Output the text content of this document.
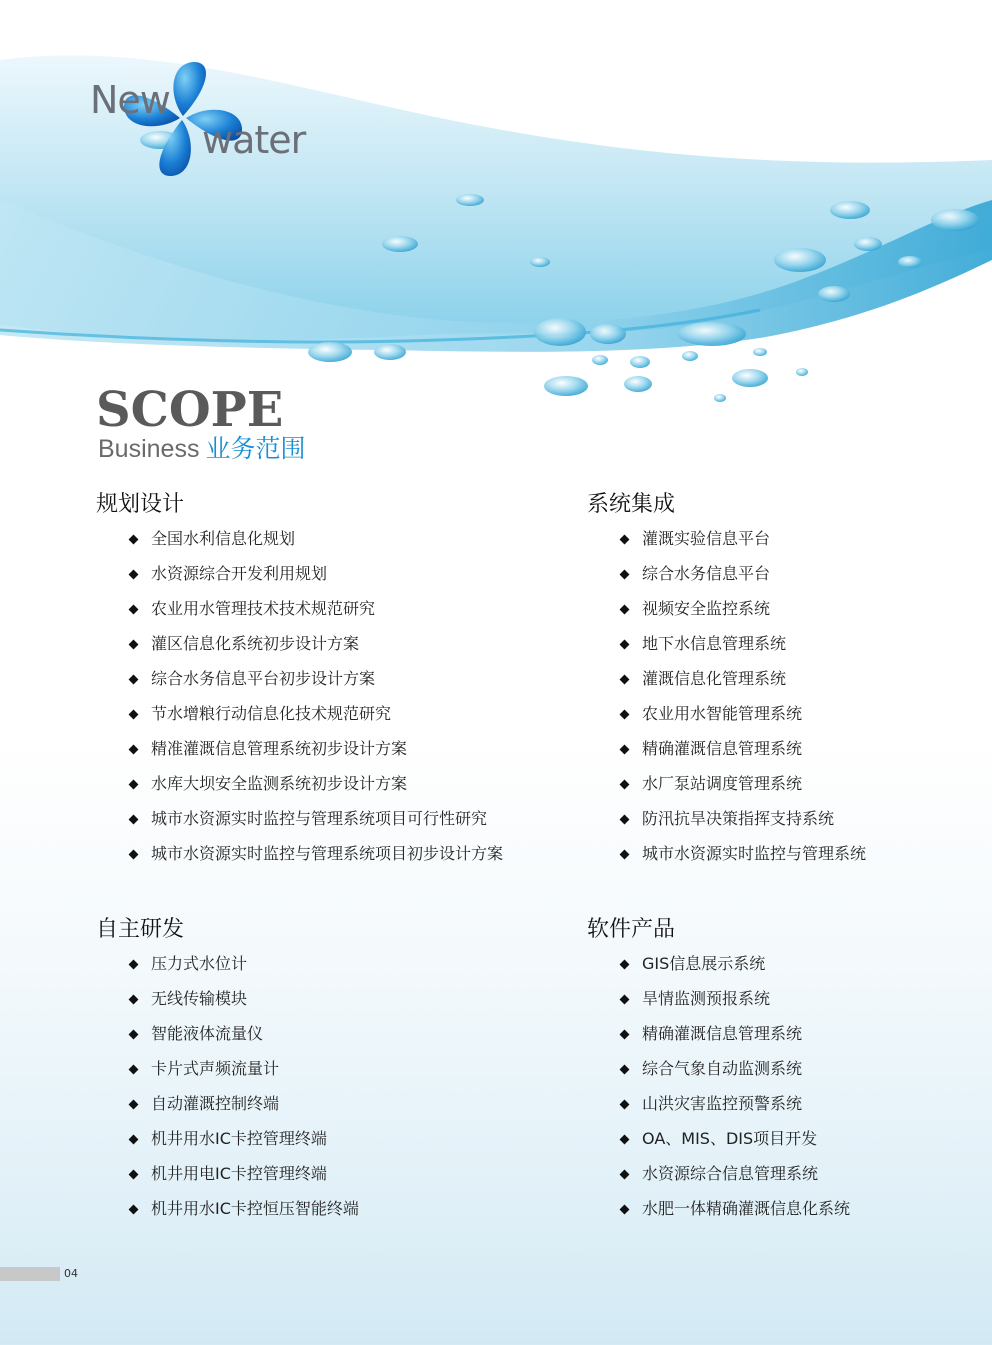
New
water
SCOPE
Business 业务范围
规划设计
全国水利信息化规划
水资源综合开发利用规划
农业用水管理技术技术规范研究
灌区信息化系统初步设计方案
综合水务信息平台初步设计方案
节水增粮行动信息化技术规范研究
精准灌溉信息管理系统初步设计方案
水库大坝安全监测系统初步设计方案
城市水资源实时监控与管理系统项目可行性研究
城市水资源实时监控与管理系统项目初步设计方案
系统集成
灌溉实验信息平台
综合水务信息平台
视频安全监控系统
地下水信息管理系统
灌溉信息化管理系统
农业用水智能管理系统
精确灌溉信息管理系统
水厂泵站调度管理系统
防汛抗旱决策指挥支持系统
城市水资源实时监控与管理系统
自主研发
压力式水位计
无线传输模块
智能液体流量仪
卡片式声频流量计
自动灌溉控制终端
机井用水IC卡控管理终端
机井用电IC卡控管理终端
机井用水IC卡控恒压智能终端
软件产品
GIS信息展示系统
旱情监测预报系统
精确灌溉信息管理系统
综合气象自动监测系统
山洪灾害监控预警系统
OA、MIS、DIS项目开发
水资源综合信息管理系统
水肥一体精确灌溉信息化系统
04
